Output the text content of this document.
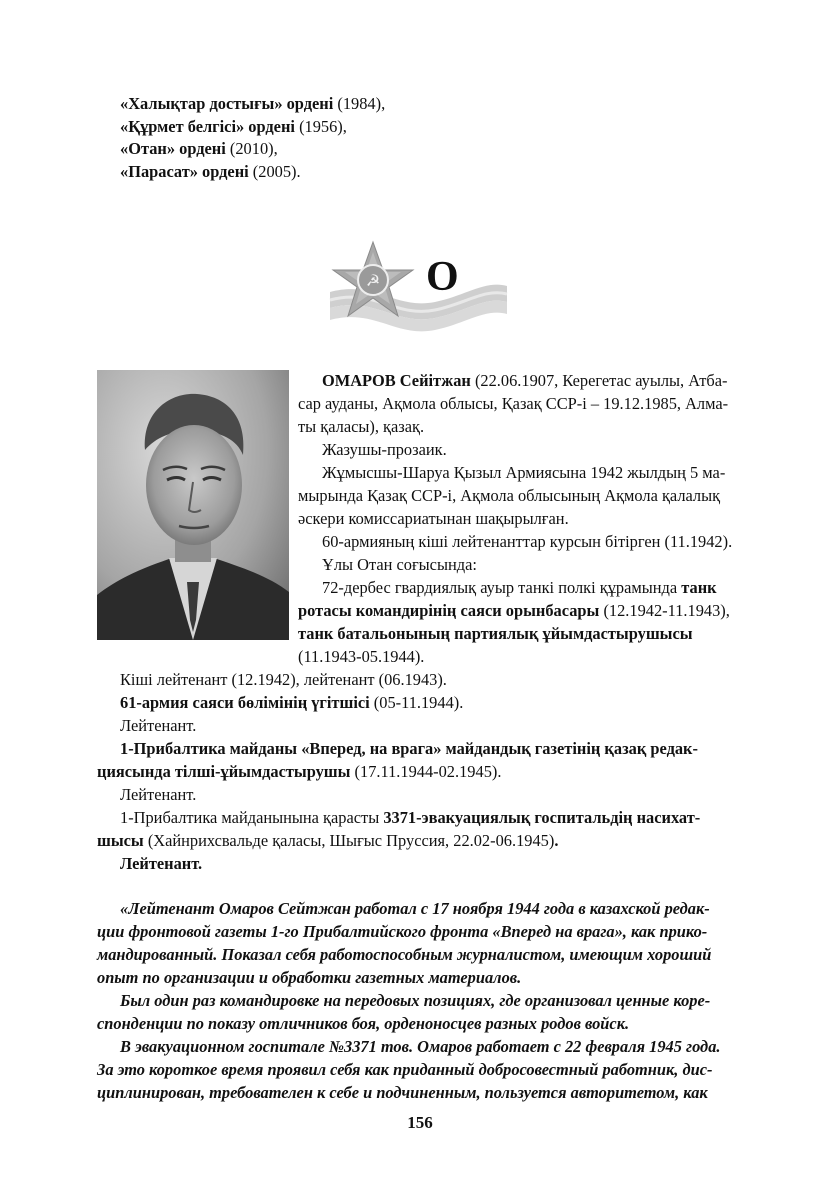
«Халықтар достығы» ордені (1984),
«Құрмет белгісі» ордені (1956),
«Отан» ордені (2010),
«Парасат» ордені (2005).
☭ О
ОМАРОВ Сейітжан (22.06.1907, Керегетас ауылы, Атба-
сар ауданы, Ақмола облысы, Қазақ ССР-і – 19.12.1985, Алма-
ты қаласы), қазақ.
Жазушы-прозаик.
Жұмысшы-Шаруа Қызыл Армиясына 1942 жылдың 5 ма-
мырында Қазақ ССР-і, Ақмола облысының Ақмола қалалық
әскери комиссариатынан шақырылған.
60-армияның кіші лейтенанттар курсын бітірген (11.1942).
Ұлы Отан соғысында:
72-дербес гвардиялық ауыр танкі полкі құрамында танк
ротасы командирінің саяси орынбасары (12.1942-11.1943),
танк батальонының партиялық ұйымдастырушысы
(11.1943-05.1944).
Кіші лейтенант (12.1942), лейтенант (06.1943).
61-армия саяси бөлімінің үгітшісі (05-11.1944).
Лейтенант.
1-Прибалтика майданы «Вперед, на врага» майдандық газетінің қазақ редак-
циясында тілші-ұйымдастырушы (17.11.1944-02.1945).
Лейтенант.
1-Прибалтика майданынына қарасты 3371-эвакуациялық госпитальдің насихат-
шысы (Хайнрихсвальде қаласы, Шығыс Пруссия, 22.02-06.1945).
Лейтенант.
«Лейтенант Омаров Сейтжан работал с 17 ноября 1944 года в казахской редак-
ции фронтовой газеты 1-го Прибалтийского фронта «Вперед на врага», как прико-
мандированный. Показал себя работоспособным журналистом, имеющим хороший
опыт по организации и обработки газетных материалов.
Был один раз командировке на передовых позициях, где организовал ценные коре-
спонденции по показу отличников боя, орденоносцев разных родов войск.
В эвакуационном госпитале №3371 тов. Омаров работает с 22 февраля 1945 года.
За это короткое время проявил себя как приданный добросовестный работник, дис-
циплинирован, требователен к себе и подчиненным, пользуется авторитетом, как
156
